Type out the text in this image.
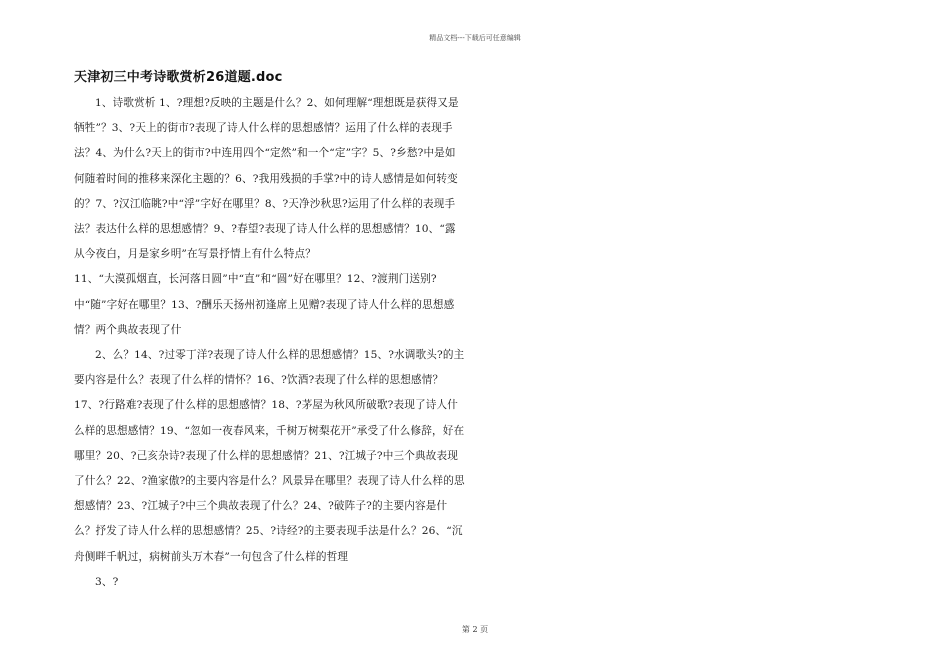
精品文档---下载后可任意编辑
天津初三中考诗歌赏析26道题.doc

1、诗歌赏析 1、?理想?反映的主题是什么？2、如何理解“理想既是获得又是牺牲”？3、?天上的街市?表现了诗人什么样的思想感情？运用了什么样的表现手法？4、为什么?天上的街市?中连用四个“定然”和一个“定”字？5、?乡愁?中是如何随着时间的推移来深化主题的？6、?我用残损的手掌?中的诗人感情是如何转变的？7、?汉江临眺?中“浮”字好在哪里？8、?天净沙秋思?运用了什么样的表现手法？表达什么样的思想感情？9、?春望?表现了诗人什么样的思想感情？10、“露从今夜白，月是家乡明”在写景抒情上有什么特点？

11、“大漠孤烟直，长河落日圆”中“直”和“圆”好在哪里？12、?渡荆门送别?中“随”字好在哪里？13、?酬乐天扬州初逢席上见赠?表现了诗人什么样的思想感情？两个典故表现了什

2、么？14、?过零丁洋?表现了诗人什么样的思想感情？15、?水调歌头?的主要内容是什么？表现了什么样的情怀？16、?饮酒?表现了什么样的思想感情？17、?行路难?表现了什么样的思想感情？18、?茅屋为秋风所破歌?表现了诗人什么样的思想感情？19、“忽如一夜春风来，千树万树梨花开”承受了什么修辞，好在哪里？20、?己亥杂诗?表现了什么样的思想感情？21、?江城子?中三个典故表现了什么？22、?渔家傲?的主要内容是什么？风景异在哪里？表现了诗人什么样的思想感情？23、?江城子?中三个典故表现了什么？24、?破阵子?的主要内容是什么？抒发了诗人什么样的思想感情？25、?诗经?的主要表现手法是什么？26、“沉舟侧畔千帆过，病树前头万木春”一句包含了什么样的哲理

3、?

第 2 页
